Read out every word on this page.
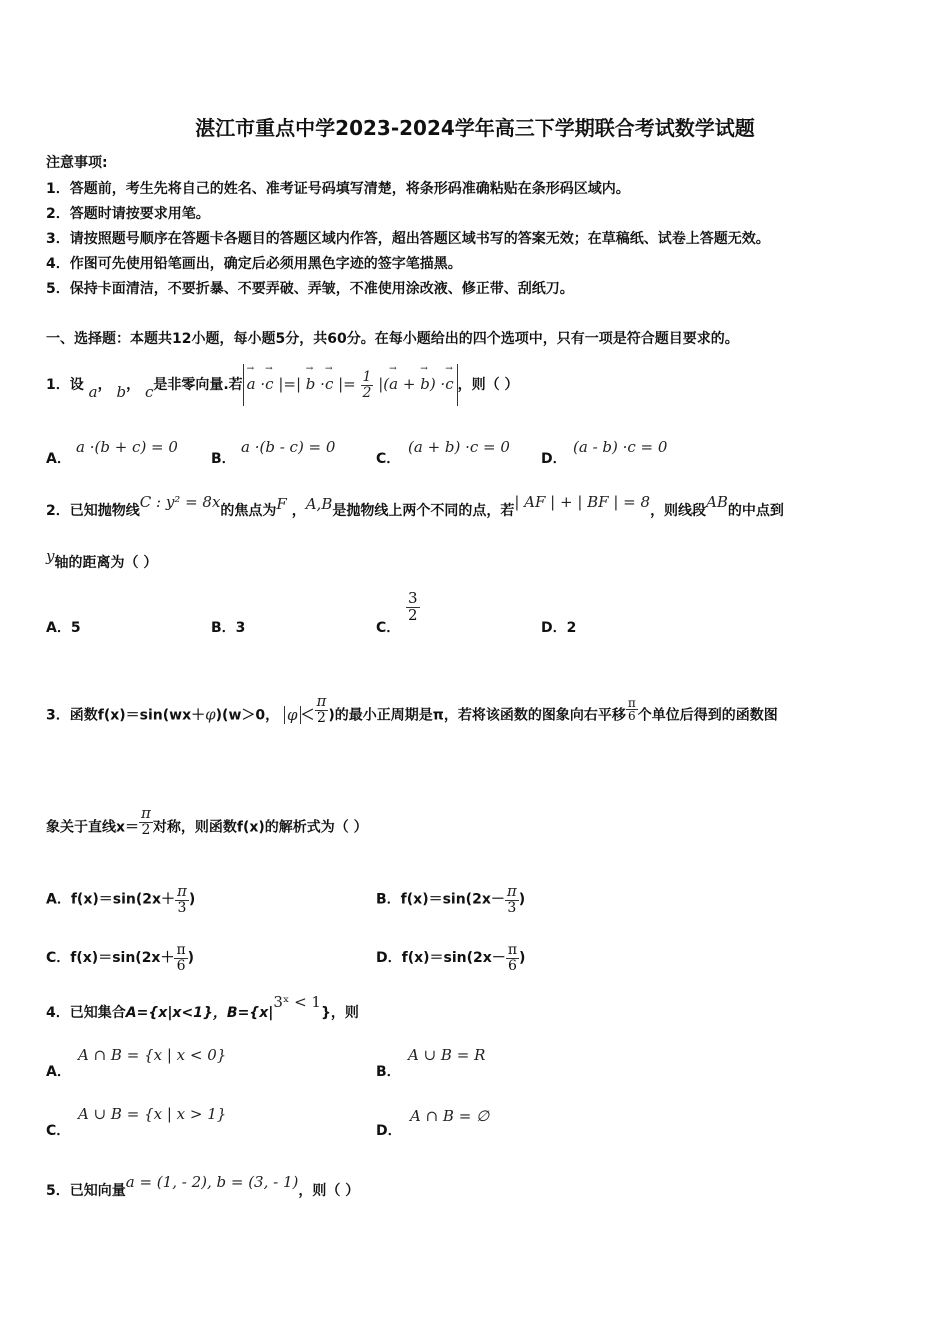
湛江市重点中学2023-2024学年高三下学期联合考试数学试题
注意事项:
1．答题前，考生先将自己的姓名、准考证号码填写清楚，将条形码准确粘贴在条形码区域内。
2．答题时请按要求用笔。
3．请按照题号顺序在答题卡各题目的答题区域内作答，超出答题区域书写的答案无效；在草稿纸、试卷上答题无效。
4．作图可先使用铅笔画出，确定后必须用黑色字迹的签字笔描黑。
5．保持卡面清洁，不要折暴、不要弄破、弄皱，不准使用涂改液、修正带、刮纸刀。
一、选择题：本题共12小题，每小题5分，共60分。在每小题给出的四个选项中，只有一项是符合题目要求的。
1．设 a， b， c是非零向量.若→ a ·→ c |=| → b ·→ c |= $\frac{1}{2}$ |(→ a + → b) ·→ c ，则（ ）
A．
a ·(b + c) = 0
B．
a ·(b - c) = 0
C．
(a + b) ·c = 0
D．
(a - b) ·c = 0
2．已知抛物线C : y² = 8x的焦点为F ，A,B是抛物线上两个不同的点，若| AF | + | BF | = 8，则线段AB的中点到
y轴的距离为（ ）
A．5	B．3	C．
$\frac{3}{2}$
D．2
3．函数f(x)＝sin(wx＋φ)(w＞0， $\varphi < \frac{\pi}{2}$ )的最小正周期是π，若将该函数的图象向右平移 $\frac{\pi}{6}$ 个单位后得到的函数图
象关于直线$x= \frac{\pi}{2}$ 对称，则函数f(x)的解析式为（ ）
A．$f(x)=\sin(2x+ \frac{\pi}{3}$ )	B．$f(x)=\sin(2x- \frac{\pi}{3}$ )
C．$f(x)=\sin(2x+ \frac{\pi}{6}$ )	D．$f(x)=\sin(2x- \frac{\pi}{6}$ )
4．已知集合A={x|x<1}，B={x|3ˣ < 1}，则
A．
A ∩ B = {x | x < 0}
B．
A ∪ B = R
C．
A ∪ B = {x | x > 1}
D．
A ∩ B = ∅
5．已知向量a = (1, - 2), b = (3, - 1)，则（ ）
